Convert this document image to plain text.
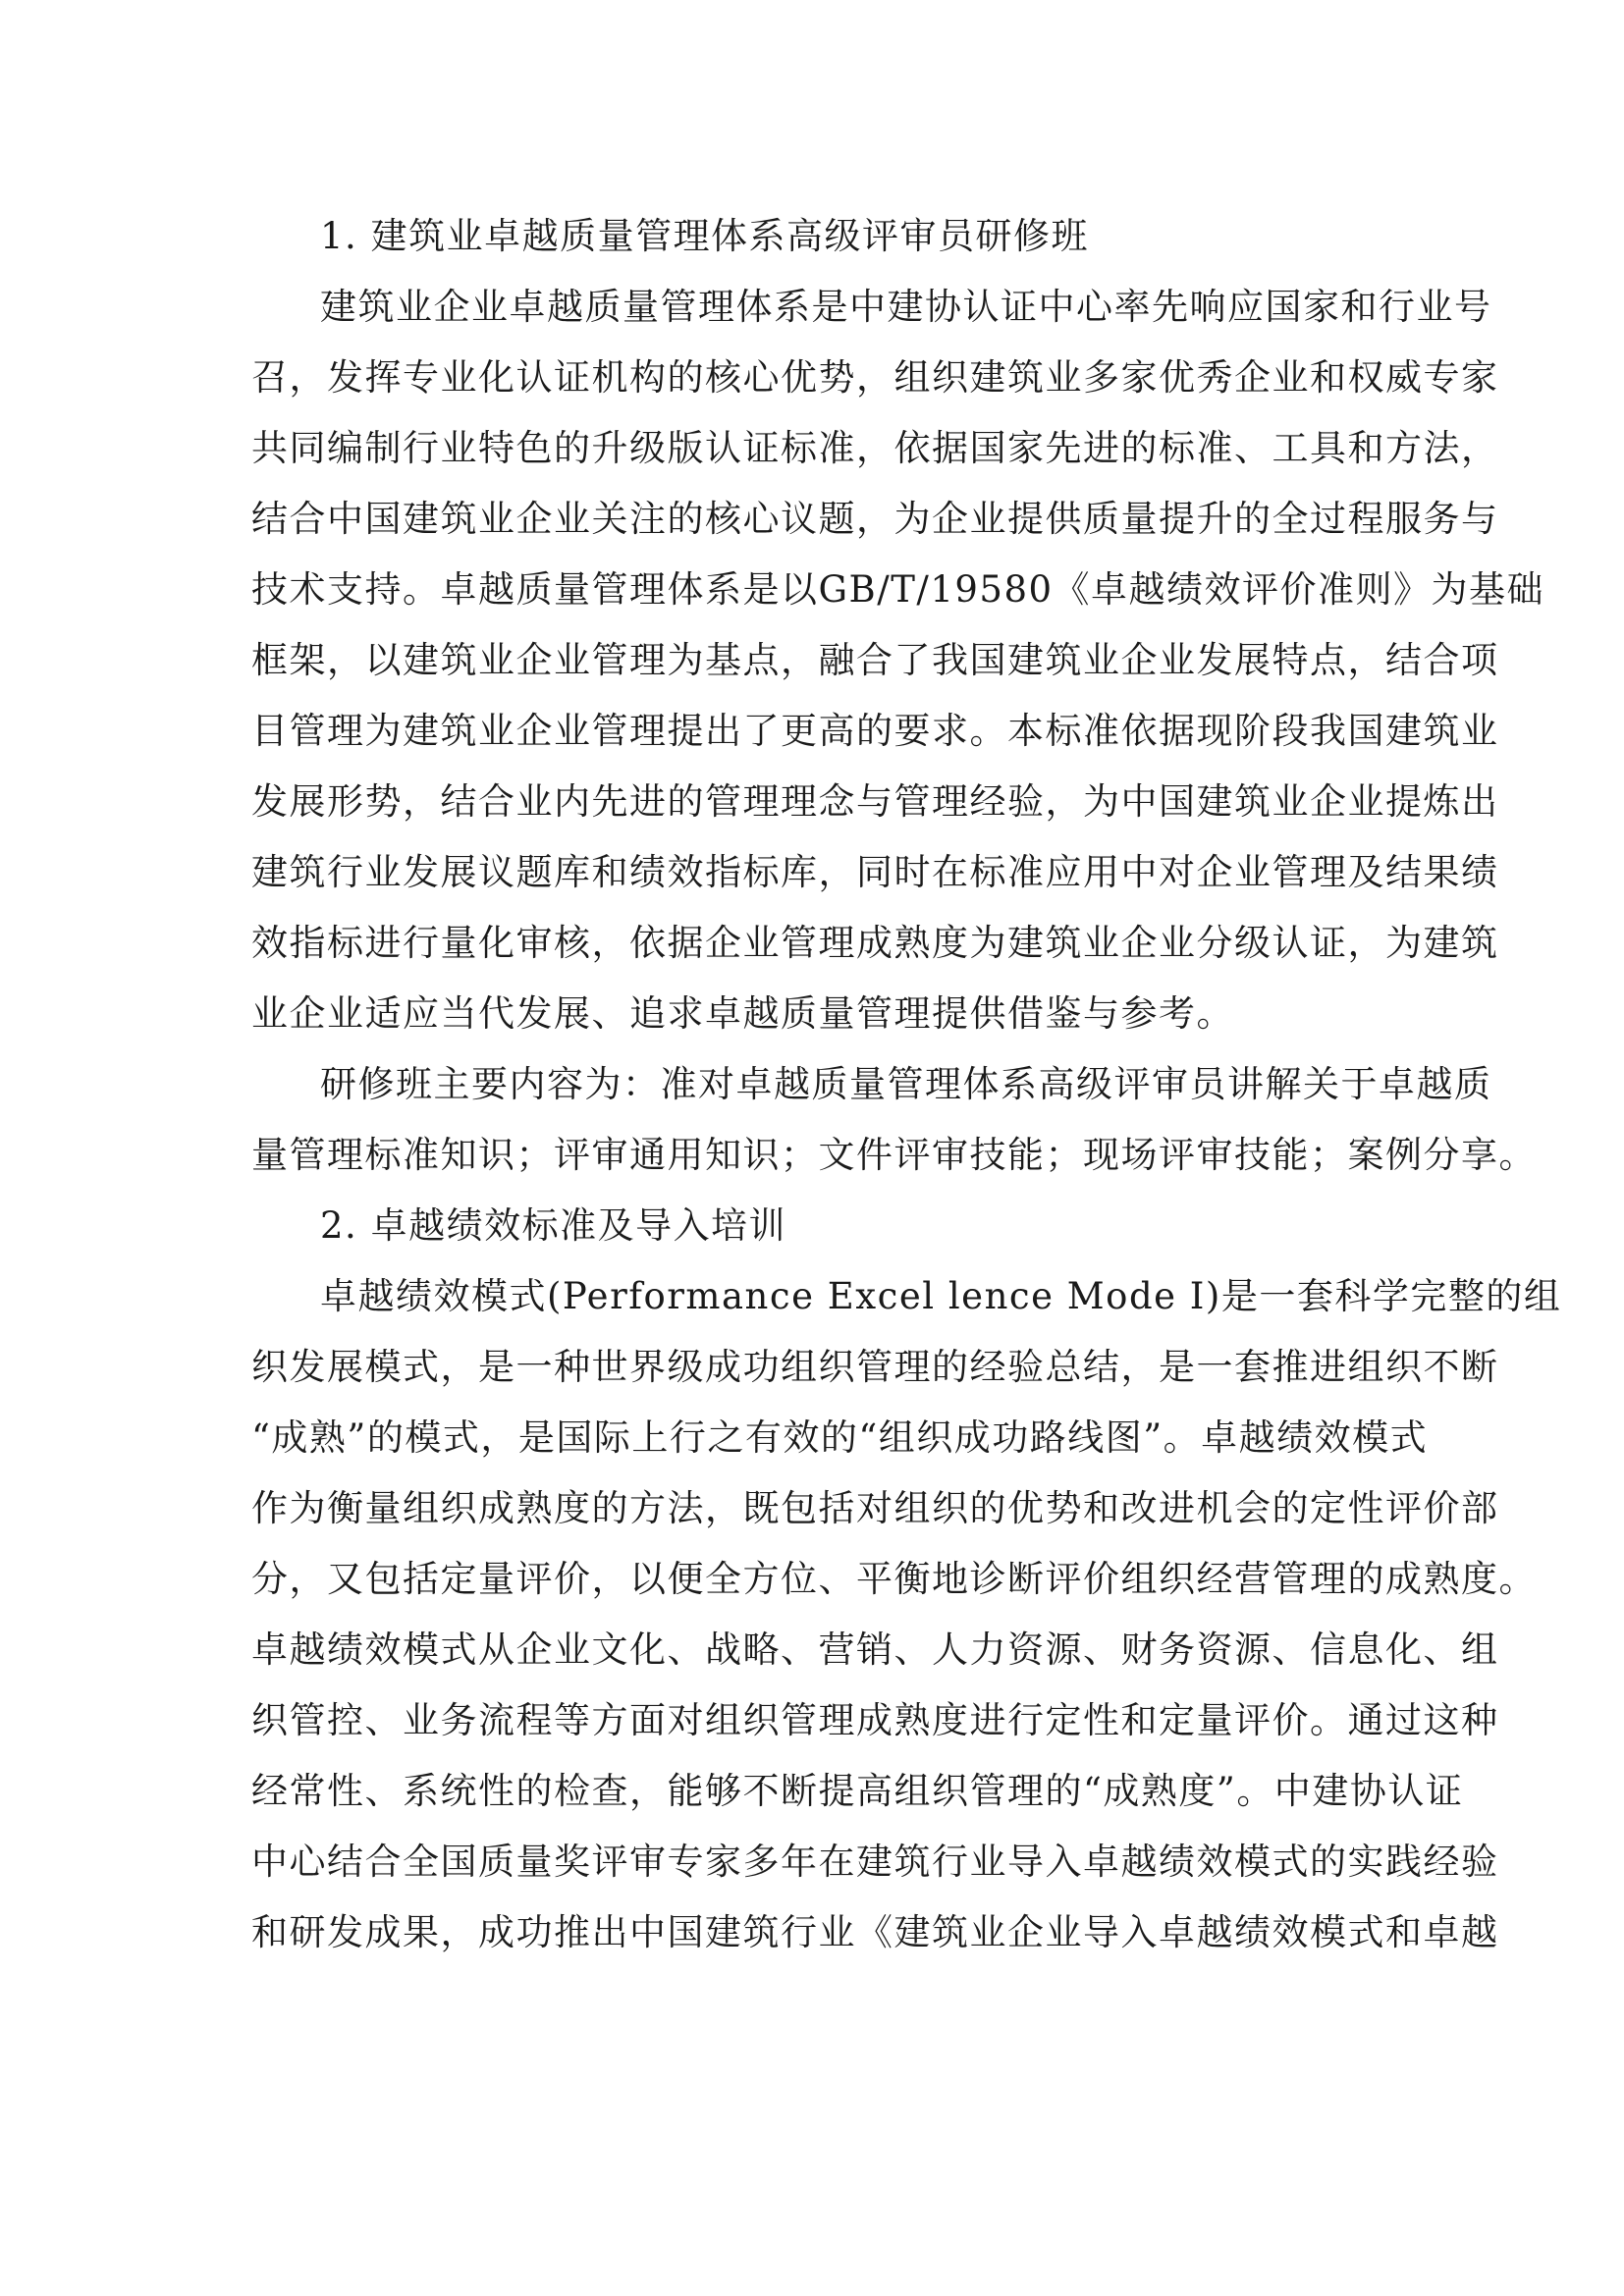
1. 建筑业卓越质量管理体系高级评审员研修班
建筑业企业卓越质量管理体系是中建协认证中心率先响应国家和行业号
召，发挥专业化认证机构的核心优势，组织建筑业多家优秀企业和权威专家
共同编制行业特色的升级版认证标准，依据国家先进的标准、工具和方法，
结合中国建筑业企业关注的核心议题，为企业提供质量提升的全过程服务与
技术支持。卓越质量管理体系是以GB/T/19580《卓越绩效评价准则》为基础
框架，以建筑业企业管理为基点，融合了我国建筑业企业发展特点，结合项
目管理为建筑业企业管理提出了更高的要求。本标准依据现阶段我国建筑业
发展形势，结合业内先进的管理理念与管理经验，为中国建筑业企业提炼出
建筑行业发展议题库和绩效指标库，同时在标准应用中对企业管理及结果绩
效指标进行量化审核，依据企业管理成熟度为建筑业企业分级认证，为建筑
业企业适应当代发展、追求卓越质量管理提供借鉴与参考。
研修班主要内容为：准对卓越质量管理体系高级评审员讲解关于卓越质
量管理标准知识；评审通用知识；文件评审技能；现场评审技能；案例分享。
2. 卓越绩效标准及导入培训
卓越绩效模式(Performance Excel lence Mode I)是一套科学完整的组
织发展模式，是一种世界级成功组织管理的经验总结，是一套推进组织不断
“成熟”的模式，是国际上行之有效的“组织成功路线图”。卓越绩效模式
作为衡量组织成熟度的方法，既包括对组织的优势和改进机会的定性评价部
分，又包括定量评价，以便全方位、平衡地诊断评价组织经营管理的成熟度。
卓越绩效模式从企业文化、战略、营销、人力资源、财务资源、信息化、组
织管控、业务流程等方面对组织管理成熟度进行定性和定量评价。通过这种
经常性、系统性的检查，能够不断提高组织管理的“成熟度”。中建协认证
中心结合全国质量奖评审专家多年在建筑行业导入卓越绩效模式的实践经验
和研发成果，成功推出中国建筑行业《建筑业企业导入卓越绩效模式和卓越
